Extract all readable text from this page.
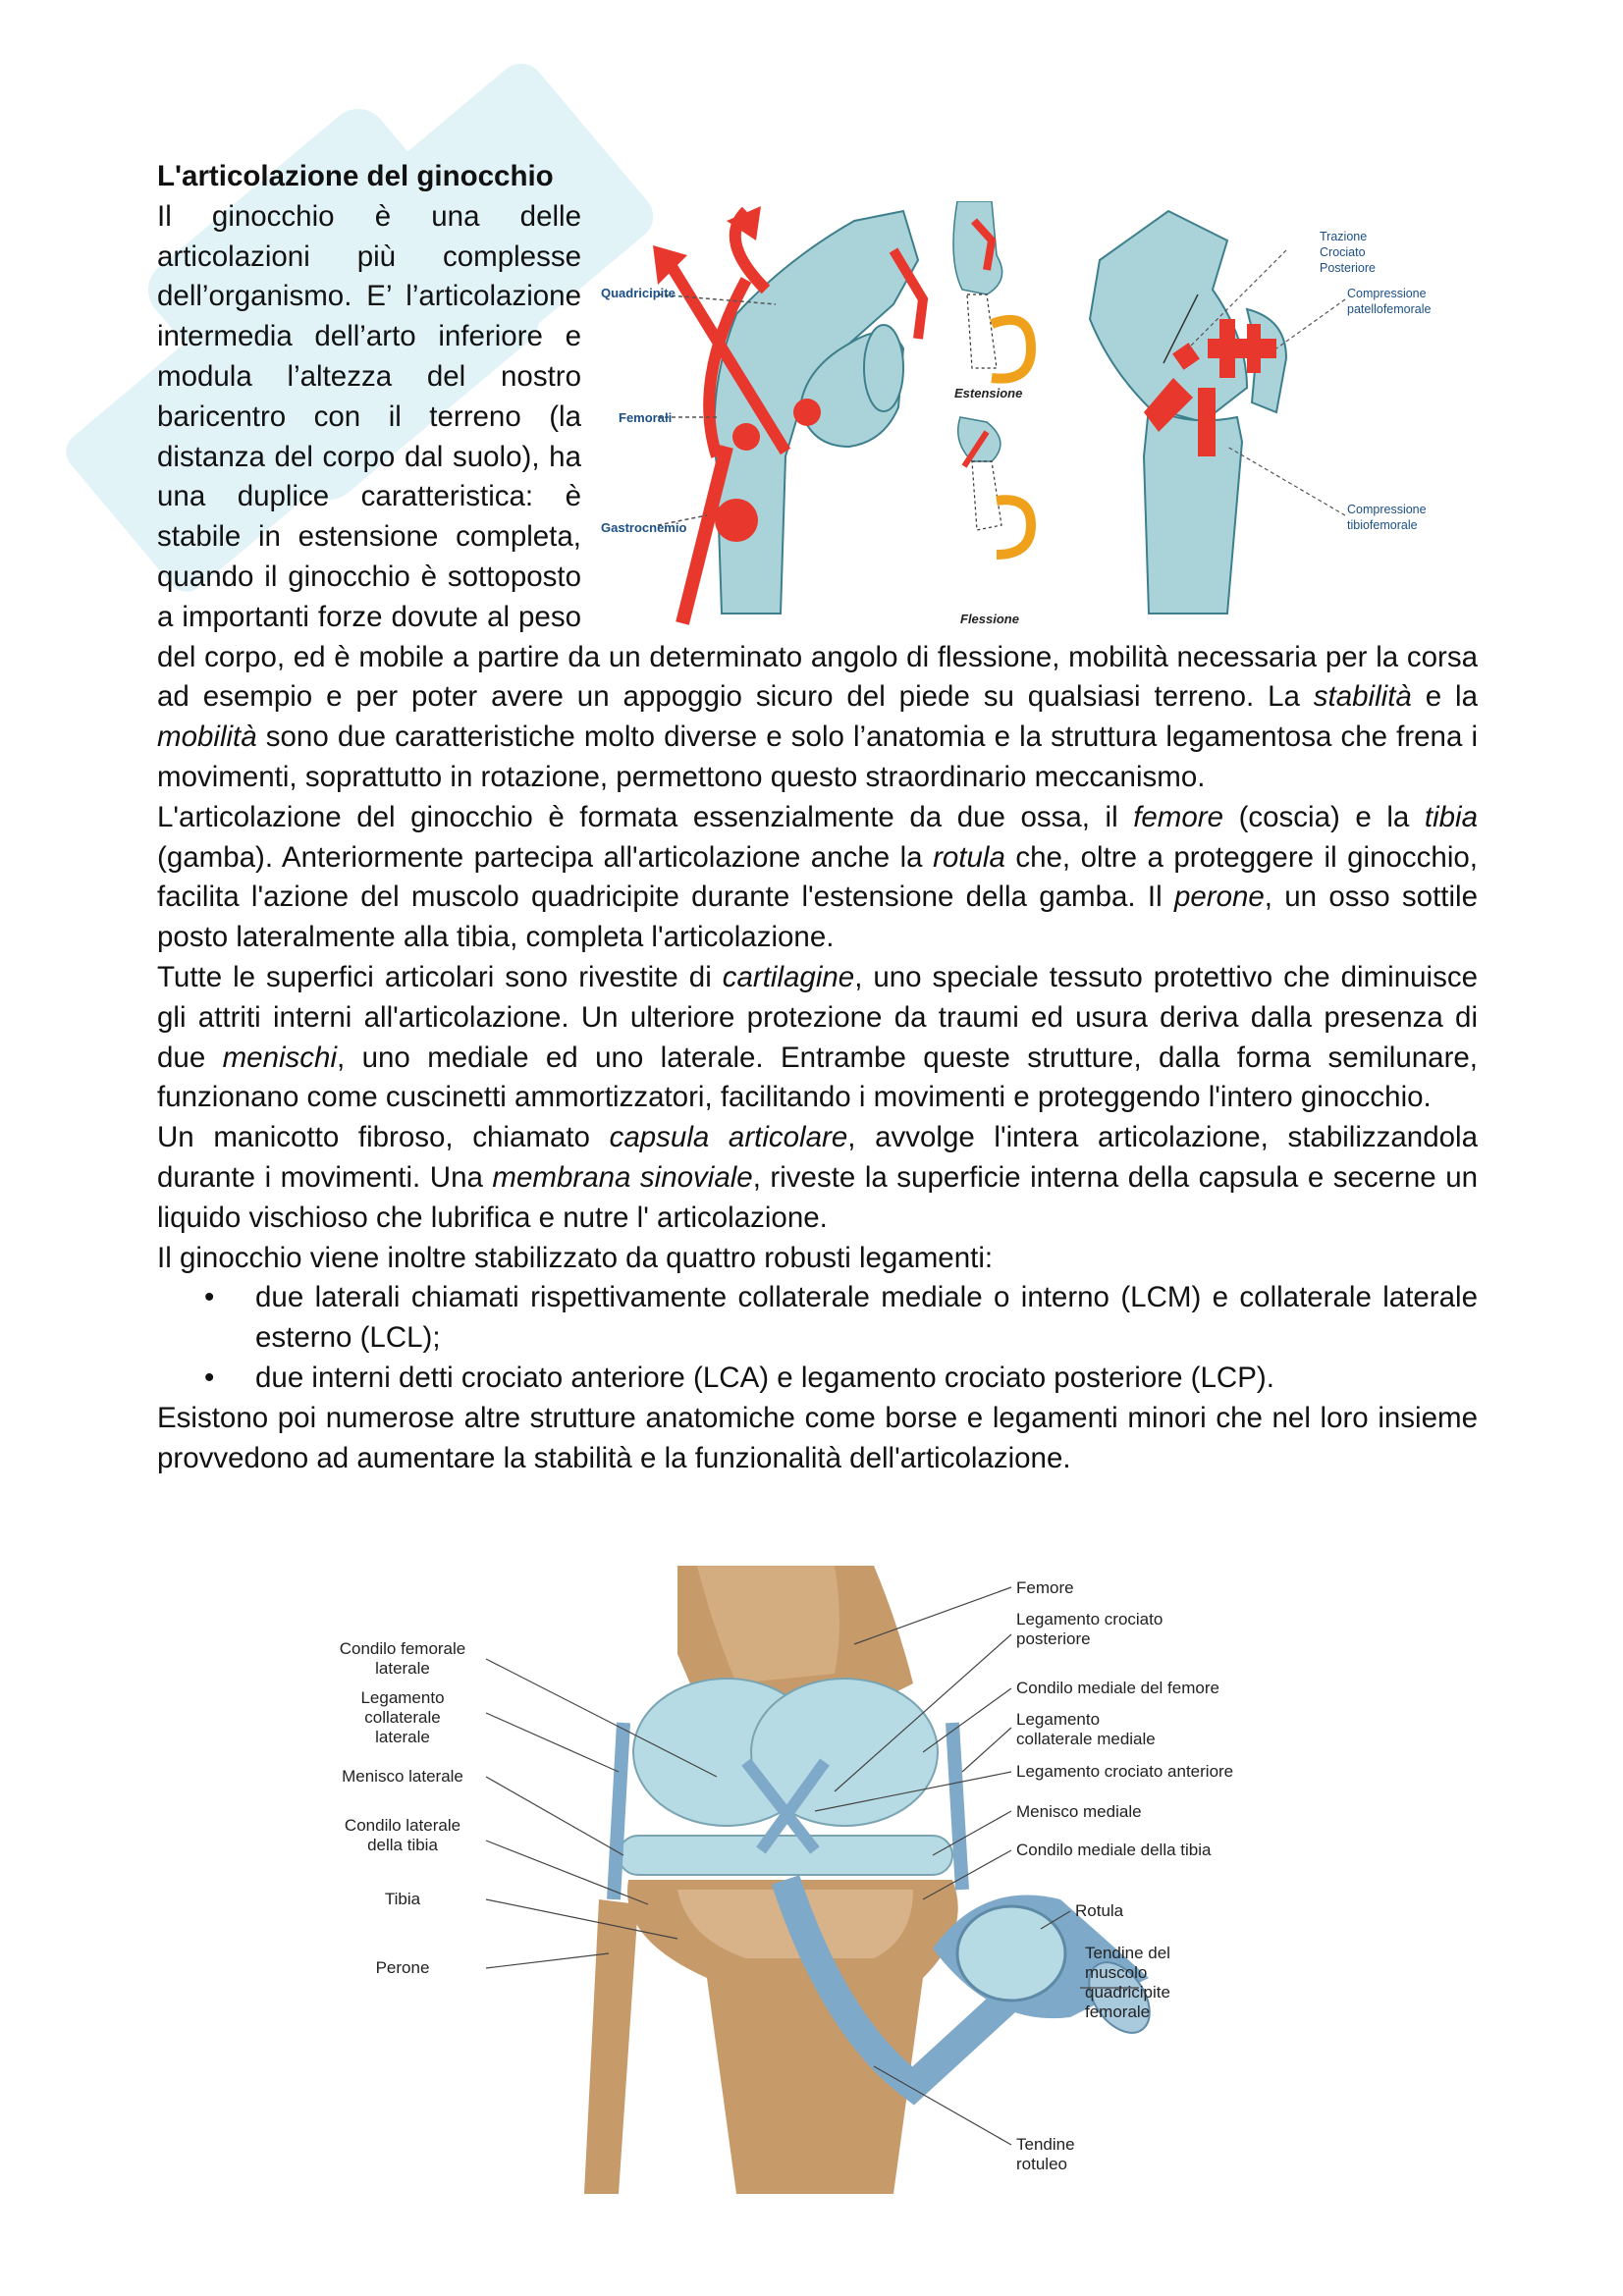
L'articolazione del ginocchio

Quadricipite
Femorali
Gastrocnemio
Estensione
Flessione
Trazione
Crociato
Posteriore
Compressione
patellofemorale
Compressione
tibiofemorale

Il ginocchio è una delle articolazioni più complesse dell’organismo. E’ l’articolazione intermedia dell’arto inferiore e modula l’altezza del nostro baricentro con il terreno (la distanza del corpo dal suolo), ha una duplice caratteristica: è stabile in estensione completa, quando il ginocchio è sottoposto a importanti forze dovute al peso del corpo, ed è mobile a partire da un determinato angolo di flessione, mobilità necessaria per la corsa ad esempio e per poter avere un appoggio sicuro del piede su qualsiasi terreno. La stabilità e la mobilità sono due caratteristiche molto diverse e solo l’anatomia e la struttura legamentosa che frena i movimenti, soprattutto in rotazione, permettono questo straordinario meccanismo.

L'articolazione del ginocchio è formata essenzialmente da due ossa, il femore (coscia) e la tibia (gamba). Anteriormente partecipa all'articolazione anche la rotula che, oltre a proteggere il ginocchio, facilita l'azione del muscolo quadricipite durante l'estensione della gamba. Il perone, un osso sottile posto lateralmente alla tibia, completa l'articolazione.

Tutte le superfici articolari sono rivestite di cartilagine, uno speciale tessuto protettivo che diminuisce gli attriti interni all'articolazione. Un ulteriore protezione da traumi ed usura deriva dalla presenza di due menischi, uno mediale ed uno laterale. Entrambe queste strutture, dalla forma semilunare, funzionano come cuscinetti ammortizzatori, facilitando i movimenti e proteggendo l'intero ginocchio.

Un manicotto fibroso, chiamato capsula articolare, avvolge l'intera articolazione, stabilizzandola durante i movimenti. Una membrana sinoviale, riveste la superficie interna della capsula e secerne un liquido vischioso che lubrifica e nutre l' articolazione.

Il ginocchio viene inoltre stabilizzato da quattro robusti legamenti:

• due laterali chiamati rispettivamente collaterale mediale o interno (LCM) e collaterale laterale esterno (LCL);
• due interni detti crociato anteriore (LCA) e legamento crociato posteriore (LCP).

Esistono poi numerose altre strutture anatomiche come borse e legamenti minori che nel loro insieme provvedono ad aumentare la stabilità e la funzionalità dell'articolazione.

Condilo femorale laterale
Legamento collaterale laterale
Menisco laterale
Condilo laterale della tibia
Tibia
Perone
Femore
Legamento crociato posteriore
Condilo mediale del femore
Legamento collaterale mediale
Legamento crociato anteriore
Menisco mediale
Condilo mediale della tibia
Rotula
Tendine del muscolo quadricipite femorale
Tendine rotuleo
